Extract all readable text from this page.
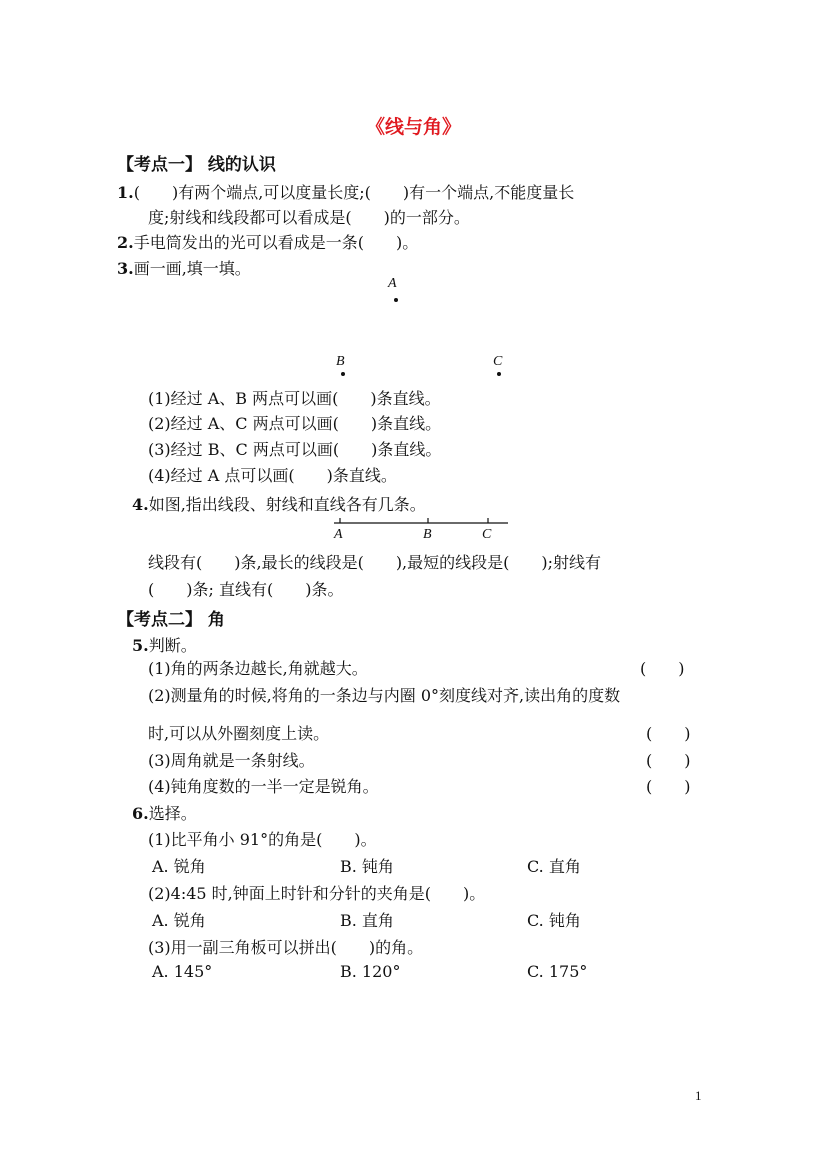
《线与角》
【考点一】 线的认识
1.(　　)有两个端点,可以度量长度;(　　)有一个端点,不能度量长
度;射线和线段都可以看成是(　　)的一部分。
2.手电筒发出的光可以看成是一条(　　)。
3.画一画,填一填。
A
B	C
(1)经过 A、B 两点可以画(　　)条直线。
(2)经过 A、C 两点可以画(　　)条直线。
(3)经过 B、C 两点可以画(　　)条直线。
(4)经过 A 点可以画(　　)条直线。
4.如图,指出线段、射线和直线各有几条。
A	B	C
线段有(　　)条,最长的线段是(　　),最短的线段是(　　);射线有
(　　)条; 直线有(　　)条。
【考点二】 角
5.判断。
(1)角的两条边越长,角就越大。	(　　)
(2)测量角的时候,将角的一条边与内圈 0°刻度线对齐,读出角的度数
时,可以从外圈刻度上读。	(　　)
(3)周角就是一条射线。	(　　)
(4)钝角度数的一半一定是锐角。	(　　)
6.选择。
(1)比平角小 91°的角是(　　)。
A. 锐角	B. 钝角	C. 直角
(2)4:45 时,钟面上时针和分针的夹角是(　　)。
A. 锐角	B. 直角	C. 钝角
(3)用一副三角板可以拼出(　　)的角。
A. 145°	B. 120°	C. 175°
1
